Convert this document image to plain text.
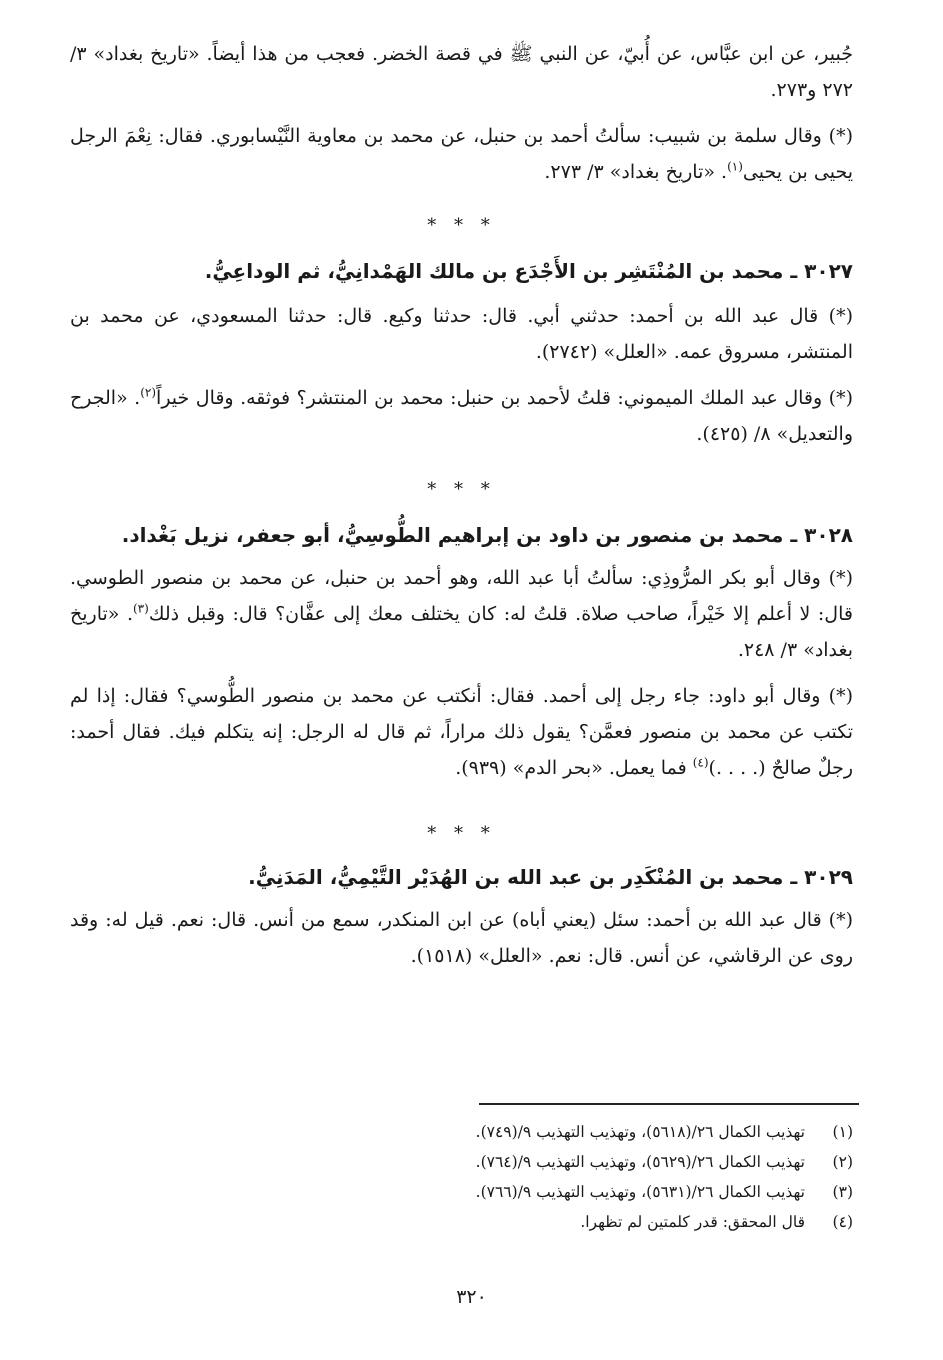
جُبير، عن ابن عبَّاس، عن أُبيّ، عن النبي ﷺ في قصة الخضر. فعجب من هذا أيضاً. «تاريخ بغداد» ٣/ ٢٧٢ و٢٧٣.

(*) وقال سلمة بن شبيب: سألتُ أحمد بن حنبل، عن محمد بن معاوية النَّيْسابوري. فقال: نِعْمَ الرجل يحيى بن يحيى$^{(١)}$. «تاريخ بغداد» ٣/ ٢٧٣.

* * *

٣٠٢٧ ـ محمد بن المُنْتَشِر بن الأَجْدَع بن مالك الهَمْدانِيُّ، ثم الوداعِيُّ.

(*) قال عبد الله بن أحمد: حدثني أبي. قال: حدثنا وكيع. قال: حدثنا المسعودي، عن محمد بن المنتشر، مسروق عمه. «العلل» (٢٧٤٢).

(*) وقال عبد الملك الميموني: قلتُ لأحمد بن حنبل: محمد بن المنتشر؟ فوثقه. وقال خيراً$^{(٢)}$. «الجرح والتعديل» ٨/ (٤٢٥).

* * *

٣٠٢٨ ـ محمد بن منصور بن داود بن إبراهيم الطُّوسِيُّ، أبو جعفر، نزيل بَغْداد.

(*) وقال أبو بكر المرُّوذِي: سألتُ أبا عبد الله، وهو أحمد بن حنبل، عن محمد بن منصور الطوسي. قال: لا أعلم إلا خَيْراً، صاحب صلاة. قلتُ له: كان يختلف معك إلى عفَّان؟ قال: وقبل ذلك$^{(٣)}$. «تاريخ بغداد» ٣/ ٢٤٨.

(*) وقال أبو داود: جاء رجل إلى أحمد. فقال: أنكتب عن محمد بن منصور الطُّوسي؟ فقال: إذا لم تكتب عن محمد بن منصور فعمَّن؟ يقول ذلك مراراً، ثم قال له الرجل: إنه يتكلم فيك. فقال أحمد: رجلٌ صالحٌ (. . . .)$^{(٤)}$ فما يعمل. «بحر الدم» (٩٣٩).

* * *

٣٠٢٩ ـ محمد بن المُنْكَدِر بن عبد الله بن الهُدَيْر التَّيْمِيُّ، المَدَنِيُّ.

(*) قال عبد الله بن أحمد: سئل (يعني أباه) عن ابن المنكدر، سمع من أنس. قال: نعم. قيل له: وقد روى عن الرقاشي، عن أنس. قال: نعم. «العلل» (١٥١٨).

(١)تهذيب الكمال ٢٦/(٥٦١٨)، وتهذيب التهذيب ٩/(٧٤٩).

(٢)تهذيب الكمال ٢٦/(٥٦٢٩)، وتهذيب التهذيب ٩/(٧٦٤).

(٣)تهذيب الكمال ٢٦/(٥٦٣١)، وتهذيب التهذيب ٩/(٧٦٦).

(٤)قال المحقق: قدر كلمتين لم تظهرا.

٣٢٠
